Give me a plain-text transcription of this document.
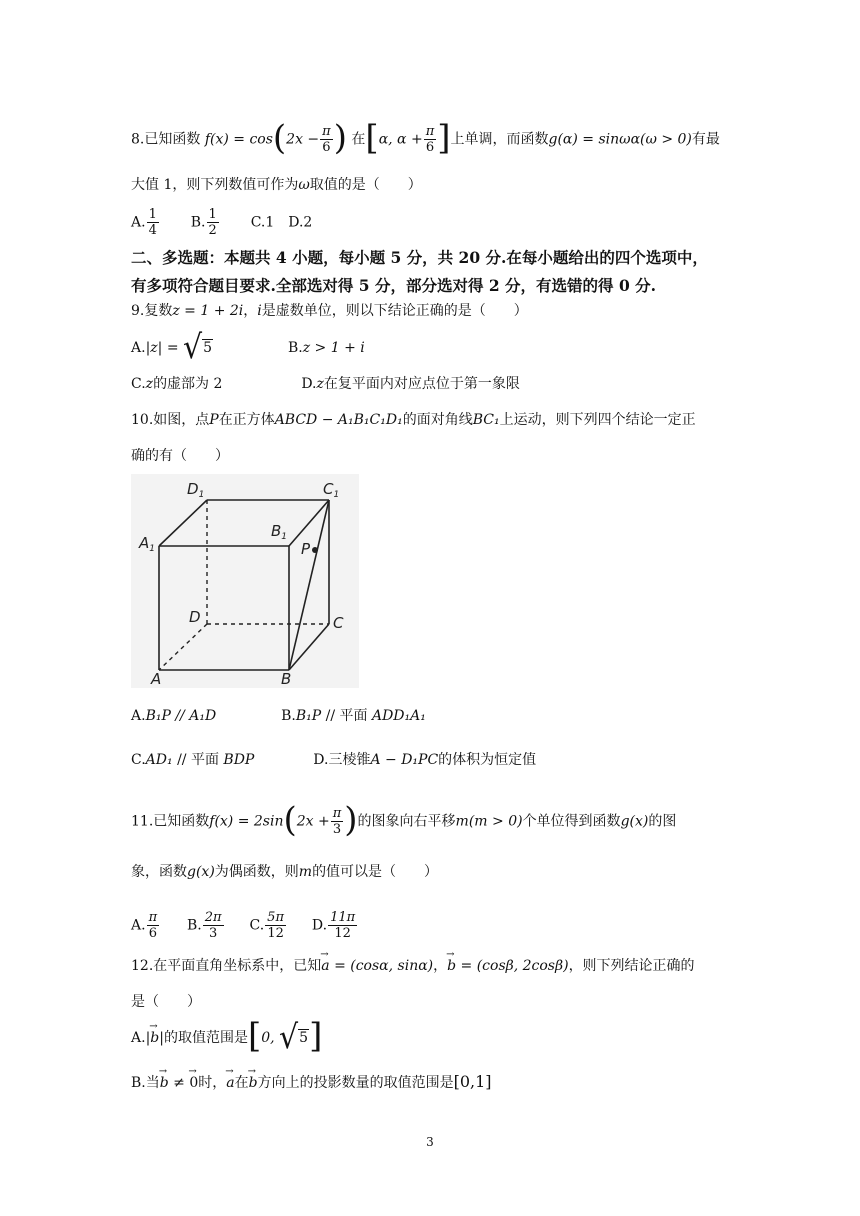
8.已知函数 $f(x) = \cos(2x - \frac{\pi}{6}$ ) 在[α, $\alpha + \frac{\pi}{6}$ ]上单调，而函数g(α) = sinωα(ω > 0)有最
大值 1，则下列数值可作为ω取值的是（　　）
A. $\frac{1}{4} B$. $\frac{1}{2} C.1$　D.2
二、多选题：本题共 4 小题，每小题 5 分，共 20 分.在每小题给出的四个选项中，
有多项符合题目要求.全部选对得 5 分，部分选对得 2 分，有选错的得 0 分.
9.复数z = 1 + 2i，i是虚数单位，则以下结论正确的是（　　）
A.|z| = √5	B.z > 1 + i
C.z的虚部为 2	D.z在复平面内对应点位于第一象限
10.如图，点P在正方体ABCD − A₁B₁C₁D₁的面对角线BC₁上运动，则下列四个结论一定正
确的有（　　）
$D_1$	$C_1$
$A_1$
$B_1$
P
D	C
A	B
A.B₁P // A₁D	B.B₁P // 平面 ADD₁A₁
C.AD₁ // 平面 BDP	D.三棱锥A − D₁PC的体积为恒定值
11.已知函数$f(x) = 2\sin(2x + \frac{\pi}{3}$ )的图象向右平移m(m > 0)个单位得到函数g(x)的图
象，函数g(x)为偶函数，则m的值可以是（　　）
A. $\frac{\pi}{6} B$. $\frac{2\pi}{3} C$. $\frac{5\pi}{12} D$. $\frac{11\pi}{12}$
12.在平面直角坐标系中，已知→ a = (cosα, sinα)，→ b = (cosβ, 2cosβ)，则下列结论正确的
是（　　）
A.|→ b|的取值范围是[0, √5]
B.当→ b ≠ → 0时，→ a在→ b方向上的投影数量的取值范围是[0,1]
3
